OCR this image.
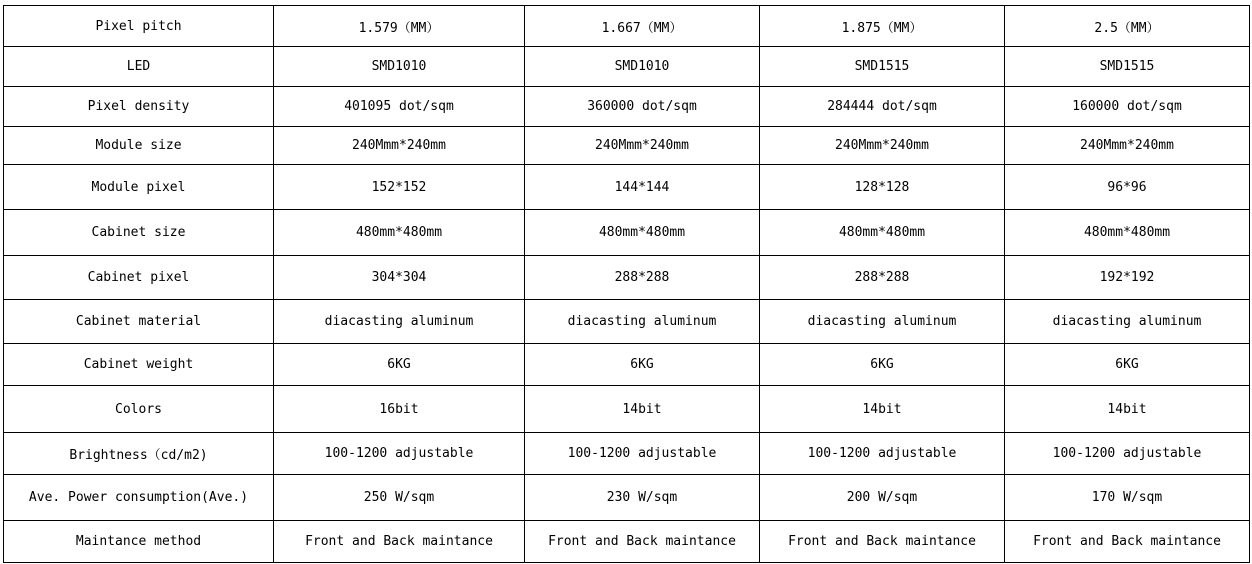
Pixel pitch	1.579（MM）	1.667（MM）	1.875（MM）	2.5（MM）
LED	SMD1010	SMD1010	SMD1515	SMD1515
Pixel density	401095 dot/sqm	360000 dot/sqm	284444 dot/sqm	160000 dot/sqm
Module size	240Mmm*240mm	240Mmm*240mm	240Mmm*240mm	240Mmm*240mm
Module pixel	152*152	144*144	128*128	96*96
Cabinet size	480mm*480mm	480mm*480mm	480mm*480mm	480mm*480mm
Cabinet pixel	304*304	288*288	288*288	192*192
Cabinet material	diacasting aluminum	diacasting aluminum	diacasting aluminum	diacasting aluminum
Cabinet weight	6KG	6KG	6KG	6KG
Colors	16bit	14bit	14bit	14bit
Brightness（cd/m2)	100-1200 adjustable	100-1200 adjustable	100-1200 adjustable	100-1200 adjustable
Ave. Power consumption(Ave.)	250 W/sqm	230 W/sqm	200 W/sqm	170 W/sqm
Maintance method	Front and Back maintance	Front and Back maintance	Front and Back maintance	Front and Back maintance
